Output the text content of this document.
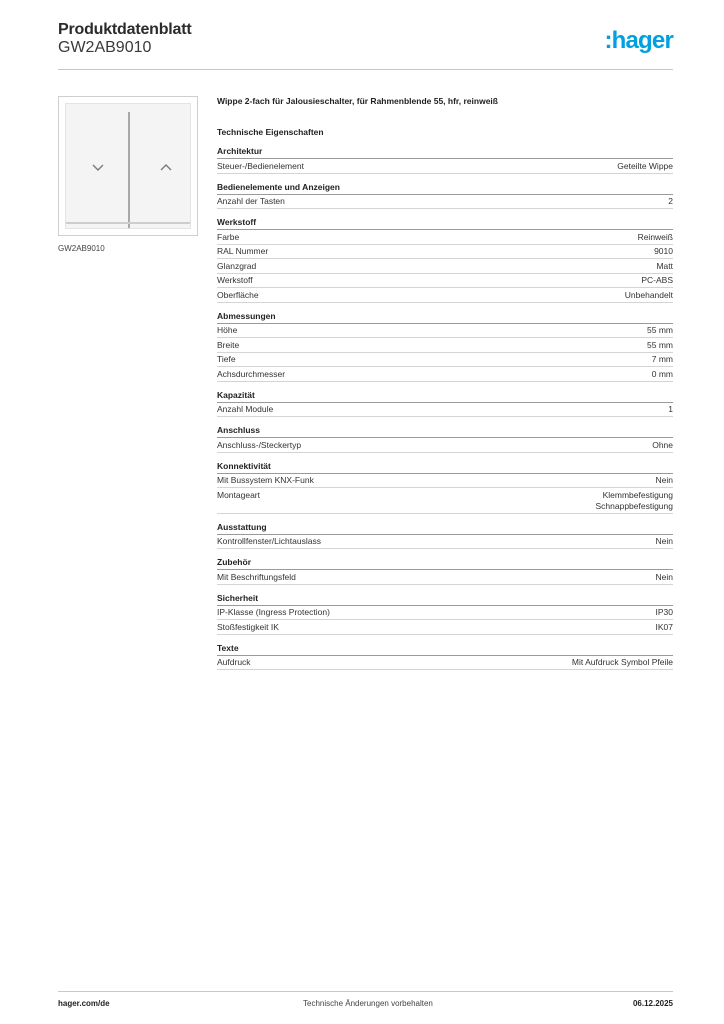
Produktdatenblatt
GW2AB9010	:hager
GW2AB9010
Wippe 2-fach für Jalousieschalter, für Rahmenblende 55, hfr, reinweiß
Technische Eigenschaften
Architektur
Steuer-/Bedienelement	Geteilte Wippe
Bedienelemente und Anzeigen
Anzahl der Tasten	2
Werkstoff
Farbe	Reinweiß
RAL Nummer	9010
Glanzgrad	Matt
Werkstoff	PC-ABS
Oberfläche	Unbehandelt
Abmessungen
Höhe	55 mm
Breite	55 mm
Tiefe	7 mm
Achsdurchmesser	0 mm
Kapazität
Anzahl Module	1
Anschluss
Anschluss-/Steckertyp	Ohne
Konnektivität
Mit Bussystem KNX-Funk	Nein
Montageart	Klemmbefestigung
Schnappbefestigung
Ausstattung
Kontrollfenster/Lichtauslass	Nein
Zubehör
Mit Beschriftungsfeld	Nein
Sicherheit
IP-Klasse (Ingress Protection)	IP30
Stoßfestigkeit IK	IK07
Texte
Aufdruck	Mit Aufdruck Symbol Pfeile
hager.com/de	Technische Änderungen vorbehalten	06.12.2025
